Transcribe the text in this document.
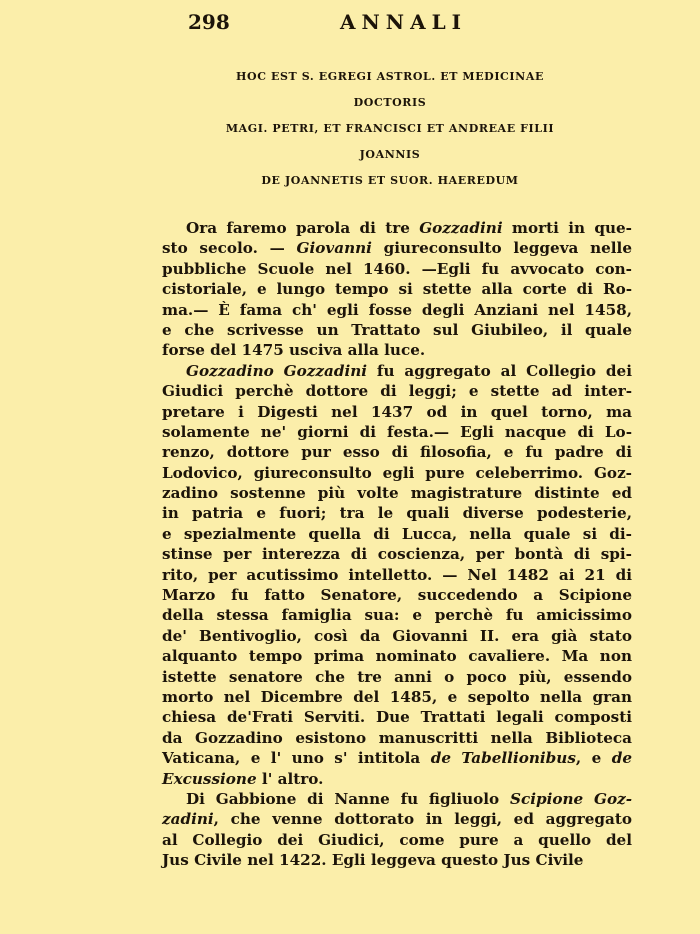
298	ANNALI
HOC EST S. EGREGI ASTROL. ET MEDICINAE
DOCTORIS
MAGI. PETRI, ET FRANCISCI ET ANDREAE FILII
JOANNIS
DE JOANNETIS ET SUOR. HAEREDUM
Ora faremo parola di tre Gozzadini morti in que-
sto secolo. — Giovanni giureconsulto leggeva nelle
pubbliche Scuole nel 1460. —Egli fu avvocato con-
cistoriale, e lungo tempo si stette alla corte di Ro-
ma.— È fama ch' egli fosse degli Anziani nel 1458,
e che scrivesse un Trattato sul Giubileo, il quale
forse del 1475 usciva alla luce.
Gozzadino Gozzadini fu aggregato al Collegio dei
Giudici perchè dottore di leggi; e stette ad inter-
pretare i Digesti nel 1437 od in quel torno, ma
solamente ne' giorni di festa.— Egli nacque di Lo-
renzo, dottore pur esso di filosofia, e fu padre di
Lodovico, giureconsulto egli pure celeberrimo. Goz-
zadino sostenne più volte magistrature distinte ed
in patria e fuori; tra le quali diverse podesterie,
e spezialmente quella di Lucca, nella quale si di-
stinse per interezza di coscienza, per bontà di spi-
rito, per acutissimo intelletto. — Nel 1482 ai 21 di
Marzo fu fatto Senatore, succedendo a Scipione
della stessa famiglia sua: e perchè fu amicissimo
de' Bentivoglio, così da Giovanni II. era già stato
alquanto tempo prima nominato cavaliere. Ma non
istette senatore che tre anni o poco più, essendo
morto nel Dicembre del 1485, e sepolto nella gran
chiesa de'Frati Serviti. Due Trattati legali composti
da Gozzadino esistono manuscritti nella Biblioteca
Vaticana, e l' uno s' intitola de Tabellionibus, e de
Excussione l' altro.
Di Gabbione di Nanne fu figliuolo Scipione Goz-
zadini, che venne dottorato in leggi, ed aggregato
al Collegio dei Giudici, come pure a quello del
Jus Civile nel 1422. Egli leggeva questo Jus Civile
